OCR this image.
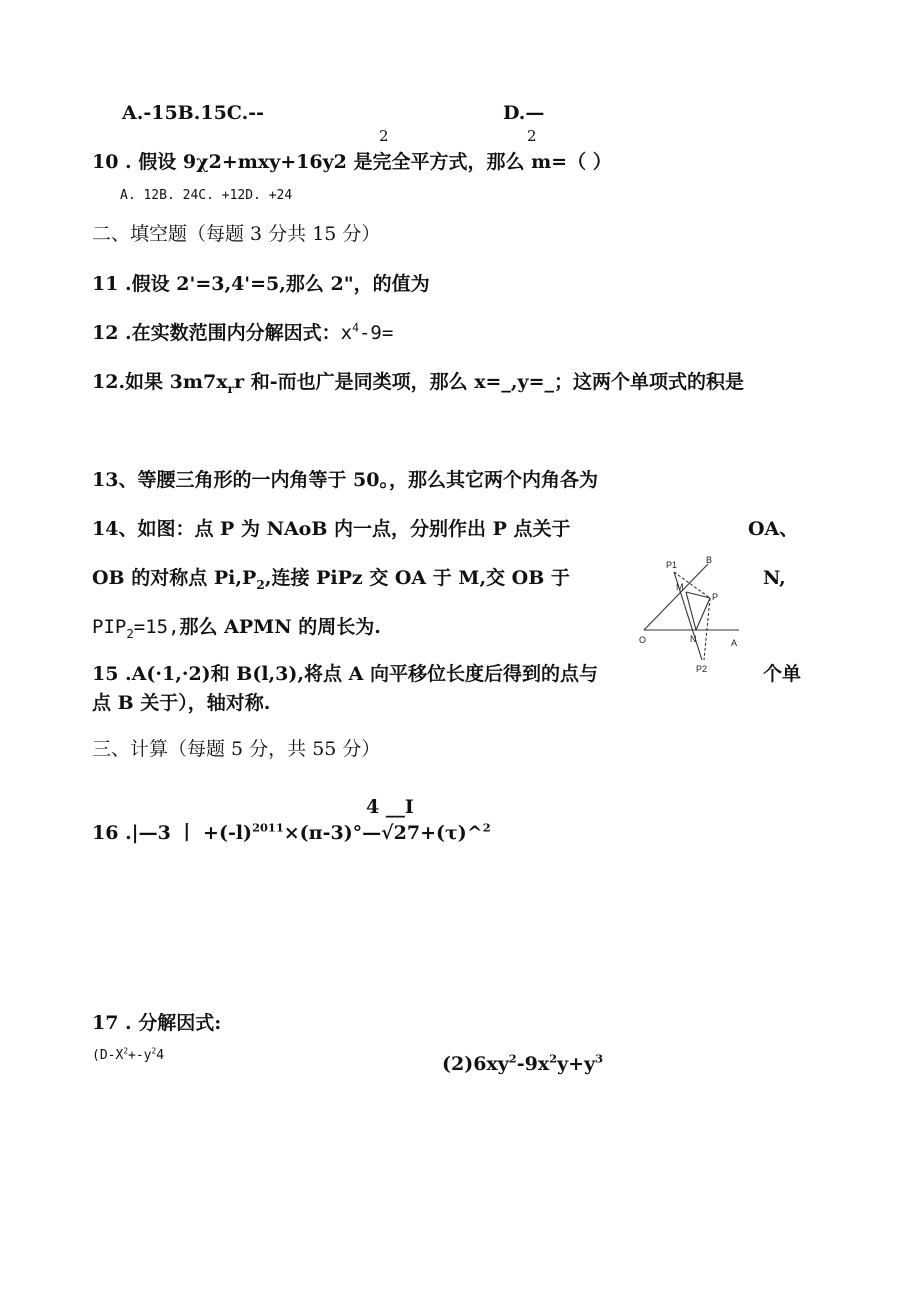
A.-15B.15C.--	D.—
2	2
10 . 假设 9χ2+mxy+16y2 是完全平方式，那么 m=（ ）
A. 12B. 24C. +12D. +24
二、填空题（每题 3 分共 15 分）
11 .假设 2'=3,4'=5,那么 2"，的值为
12 .在实数范围内分解因式：$x^4-9=$
12.如果 $3m7x_rr$ 和-而也广是同类项，那么 x=_,y=_；这两个单项式的积是
13、等腰三角形的一内角等于 50。，那么其它两个内角各为
14、如图：点 P 为 NAoB 内一点，分别作出 P 点关于	OA、
OB 的对称点 $Pi,P_2$,连接 PiPz 交 OA 于 M,交 OB 于	N,
$PIP_2=15$,那么 APMN 的周长为.
15 .A(·1,·2)和 B(l,3),将点 A 向平移位长度后得到的点与	个单
点 B 关于），轴对称.
P1	B
M
P
O	N	A
P2
三、计算（每题 5 分，共 55 分）
4 __I
16 .|—3 丨 $+(-l)^{2011}\times(\pi-3)^\circ—√27+(\tau)\^{}^2$
17 . 分解因式:
($D-X^2+-y^24$	$(2)6xy^2-9x^2y+y^3$
